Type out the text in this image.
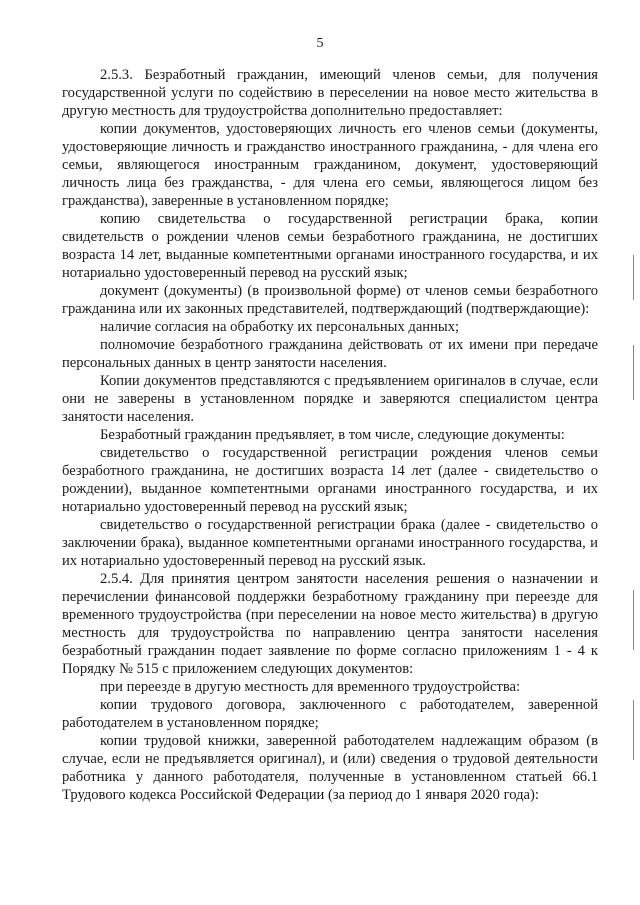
5

2.5.3. Безработный гражданин, имеющий членов семьи, для получения государственной услуги по содействию в переселении на новое место жительства в другую местность для трудоустройства дополнительно предоставляет:

копии документов, удостоверяющих личность его членов семьи (документы, удостоверяющие личность и гражданство иностранного гражданина, - для члена его семьи, являющегося иностранным гражданином, документ, удостоверяющий личность лица без гражданства, - для члена его семьи, являющегося лицом без гражданства), заверенные в установленном порядке;

копию свидетельства о государственной регистрации брака, копии свидетельств о рождении членов семьи безработного гражданина, не достигших возраста 14 лет, выданные компетентными органами иностранного государства, и их нотариально удостоверенный перевод на русский язык;

документ (документы) (в произвольной форме) от членов семьи безработного гражданина или их законных представителей, подтверждающий (подтверждающие):

наличие согласия на обработку их персональных данных;

полномочие безработного гражданина действовать от их имени при передаче персональных данных в центр занятости населения.

Копии документов представляются с предъявлением оригиналов в случае, если они не заверены в установленном порядке и заверяются специалистом центра занятости населения.

Безработный гражданин предъявляет, в том числе, следующие документы:

свидетельство о государственной регистрации рождения членов семьи безработного гражданина, не достигших возраста 14 лет (далее - свидетельство о рождении), выданное компетентными органами иностранного государства, и их нотариально удостоверенный перевод на русский язык;

свидетельство о государственной регистрации брака (далее - свидетельство о заключении брака), выданное компетентными органами иностранного государства, и их нотариально удостоверенный перевод на русский язык.

2.5.4. Для принятия центром занятости населения решения о назначении и перечислении финансовой поддержки безработному гражданину при переезде для временного трудоустройства (при переселении на новое место жительства) в другую местность для трудоустройства по направлению центра занятости населения безработный гражданин подает заявление по форме согласно приложениям 1 - 4 к Порядку № 515 с приложением следующих документов:

при переезде в другую местность для временного трудоустройства:

копии трудового договора, заключенного с работодателем, заверенной работодателем в установленном порядке;

копии трудовой книжки, заверенной работодателем надлежащим образом (в случае, если не предъявляется оригинал), и (или) сведения о трудовой деятельности работника у данного работодателя, полученные в установленном статьей 66.1 Трудового кодекса Российской Федерации (за период до 1 января 2020 года):
